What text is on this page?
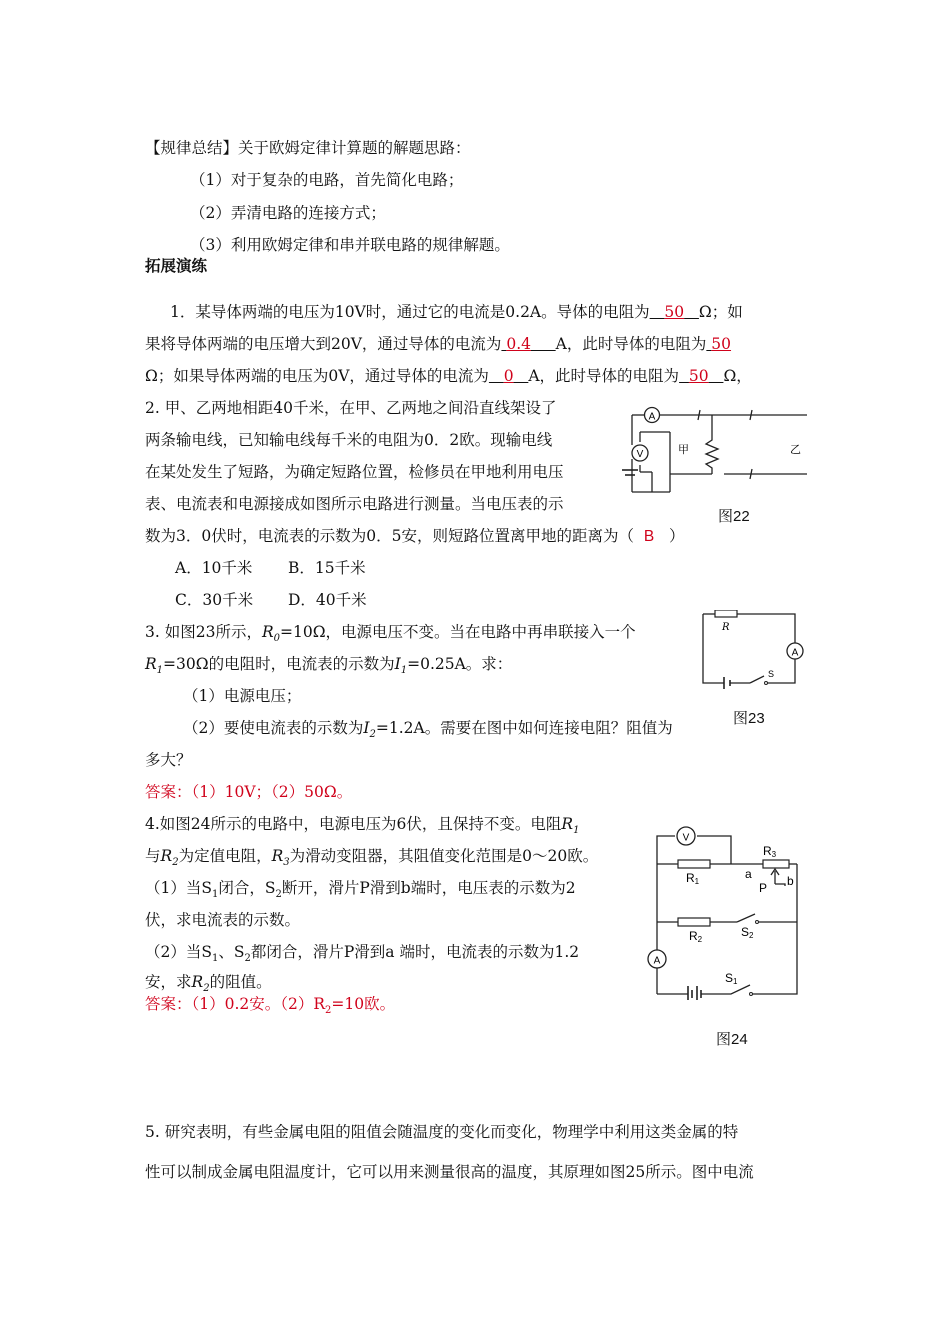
【规律总结】关于欧姆定律计算题的解题思路：
（1）对于复杂的电路，首先简化电路；
（2）弄清电路的连接方式；
（3）利用欧姆定律和串并联电路的规律解题。
拓展演练
1．某导体两端的电压为10V时，通过它的电流是0.2A。导体的电阻为 50 Ω；如
果将导体两端的电压增大到20V，通过导体的电流为 0.4 A，此时导体的电阻为 50
Ω；如果导体两端的电压为0V，通过导体的电流为 0 A，此时导体的电阻为 50 Ω，
2. 甲、乙两地相距40千米，在甲、乙两地之间沿直线架设了
两条输电线，已知输电线每千米的电阻为0．2欧。现输电线
在某处发生了短路，为确定短路位置，检修员在甲地利用电压
表、电流表和电源接成如图所示电路进行测量。当电压表的示
数为3．0伏时，电流表的示数为0．5安，则短路位置离甲地的距离为（ B ）
A．10千米 B．15千米
C．30千米 D．40千米
A
V	甲	乙
图22
3. 如图23所示，$R_0=10\Omega$，电源电压不变。当在电路中再串联接入一个
$R_1=30\Omega$的电阻时，电流表的示数为$I_1=0.25A$。求：
（1）电源电压；
（2）要使电流表的示数为$I_2=1.2A$。需要在图中如何连接电阻？阻值为
多大？
答案：（1）10V；（2）50Ω。
A
R
S
图23
4.如图24所示的电路中，电源电压为6伏，且保持不变。电阻$R_1$
与$R_2$为定值电阻，$R_3$为滑动变阻器，其阻值变化范围是0～20欧。
（1）当$S_1$闭合，$S_2$断开，滑片P滑到b端时，电压表的示数为2
伏，求电流表的示数。
（2）当$S_1$、$S_2$都闭合，滑片P滑到a 端时，电流表的示数为1.2
安，求$R_2$的阻值。
答案：（1）0.2安。$(2)R_2=10$欧。
V
A
R1
R2
R3
a	b
P
S2
S1
图24
5. 研究表明，有些金属电阻的阻值会随温度的变化而变化，物理学中利用这类金属的特
性可以制成金属电阻温度计，它可以用来测量很高的温度，其原理如图25所示。图中电流
